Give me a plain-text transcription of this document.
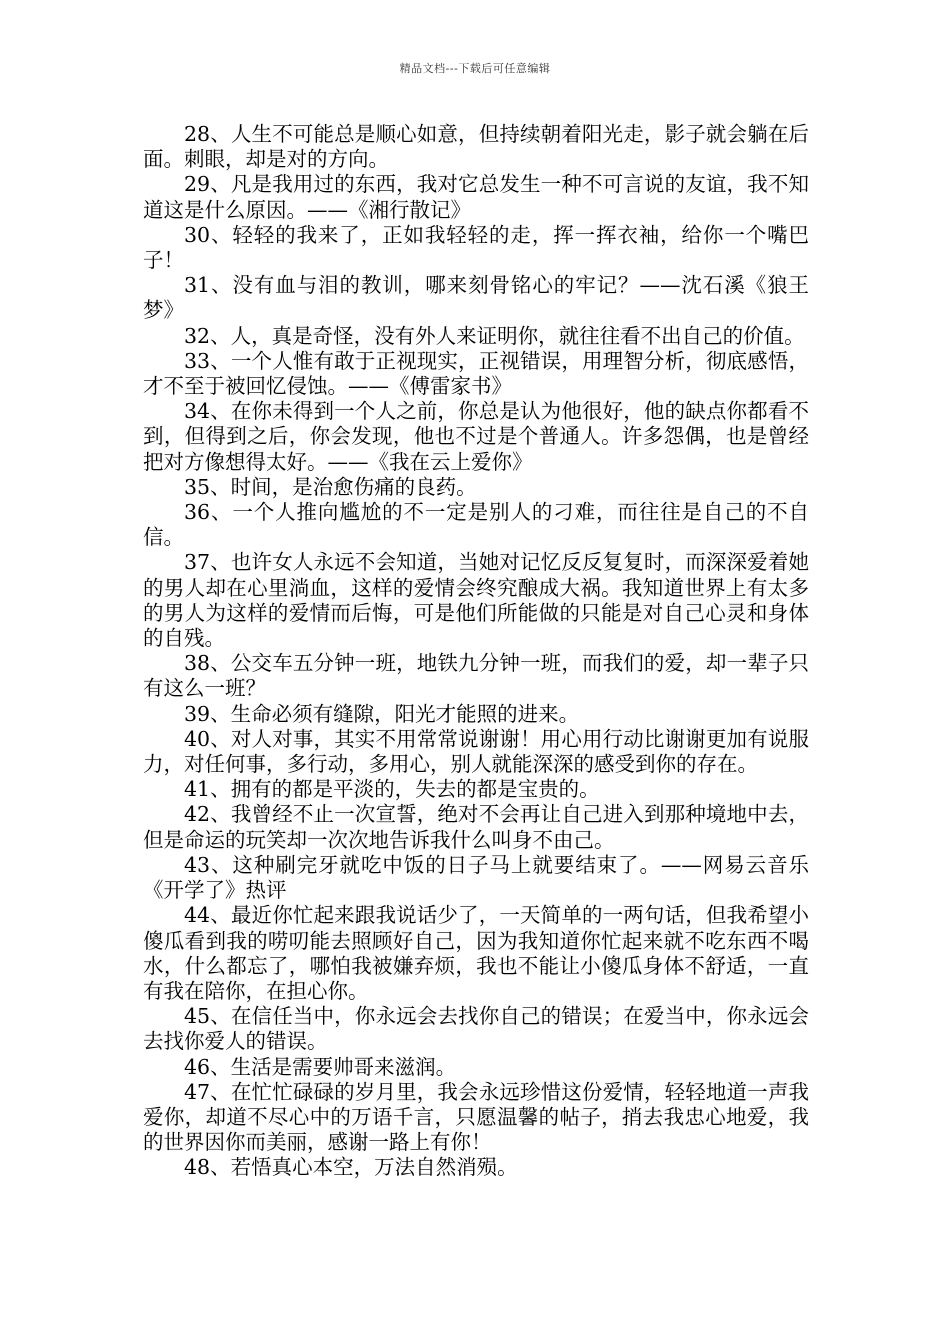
精品文档---下载后可任意编辑

28、人生不可能总是顺心如意，但持续朝着阳光走，影子就会躺在后面。刺眼，却是对的方向。

29、凡是我用过的东西，我对它总发生一种不可言说的友谊，我不知道这是什么原因。——《湘行散记》

30、轻轻的我来了，正如我轻轻的走，挥一挥衣袖，给你一个嘴巴子！

31、没有血与泪的教训，哪来刻骨铭心的牢记？——沈石溪《狼王梦》

32、人，真是奇怪，没有外人来证明你，就往往看不出自己的价值。

33、一个人惟有敢于正视现实，正视错误，用理智分析，彻底感悟，才不至于被回忆侵蚀。——《傅雷家书》

34、在你未得到一个人之前，你总是认为他很好，他的缺点你都看不到，但得到之后，你会发现，他也不过是个普通人。许多怨偶，也是曾经把对方像想得太好。——《我在云上爱你》

35、时间，是治愈伤痛的良药。

36、一个人推向尴尬的不一定是别人的刁难，而往往是自己的不自信。

37、也许女人永远不会知道，当她对记忆反反复复时，而深深爱着她的男人却在心里淌血，这样的爱情会终究酿成大祸。我知道世界上有太多的男人为这样的爱情而后悔，可是他们所能做的只能是对自己心灵和身体的自残。

38、公交车五分钟一班，地铁九分钟一班，而我们的爱，却一辈子只有这么一班？

39、生命必须有缝隙，阳光才能照的进来。

40、对人对事，其实不用常常说谢谢！用心用行动比谢谢更加有说服力，对任何事，多行动，多用心，别人就能深深的感受到你的存在。

41、拥有的都是平淡的，失去的都是宝贵的。

42、我曾经不止一次宣誓，绝对不会再让自己进入到那种境地中去，但是命运的玩笑却一次次地告诉我什么叫身不由己。

43、这种刷完牙就吃中饭的日子马上就要结束了。——网易云音乐《开学了》热评

44、最近你忙起来跟我说话少了，一天简单的一两句话，但我希望小傻瓜看到我的唠叨能去照顾好自己，因为我知道你忙起来就不吃东西不喝水，什么都忘了，哪怕我被嫌弃烦，我也不能让小傻瓜身体不舒适，一直有我在陪你，在担心你。

45、在信任当中，你永远会去找你自己的错误；在爱当中，你永远会去找你爱人的错误。

46、生活是需要帅哥来滋润。

47、在忙忙碌碌的岁月里，我会永远珍惜这份爱情，轻轻地道一声我爱你，却道不尽心中的万语千言，只愿温馨的帖子，捎去我忠心地爱，我的世界因你而美丽，感谢一路上有你！

48、若悟真心本空，万法自然消殒。
